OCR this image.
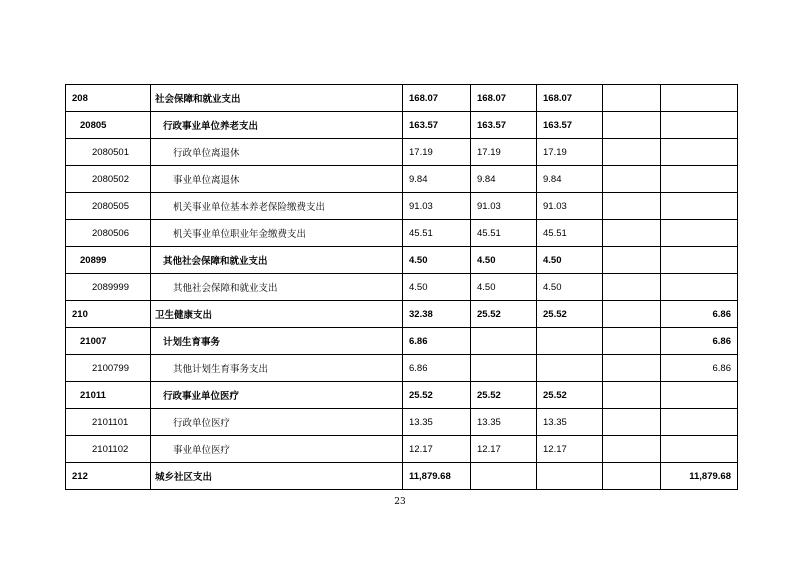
208	社会保障和就业支出	168.07	168.07	168.07		
20805	行政事业单位养老支出	163.57	163.57	163.57		
2080501	行政单位离退休	17.19	17.19	17.19		
2080502	事业单位离退休	9.84	9.84	9.84		
2080505	机关事业单位基本养老保险缴费支出	91.03	91.03	91.03		
2080506	机关事业单位职业年金缴费支出	45.51	45.51	45.51		
20899	其他社会保障和就业支出	4.50	4.50	4.50		
2089999	其他社会保障和就业支出	4.50	4.50	4.50		
210	卫生健康支出	32.38	25.52	25.52		6.86
21007	计划生育事务	6.86				6.86
2100799	其他计划生育事务支出	6.86				6.86
21011	行政事业单位医疗	25.52	25.52	25.52		
2101101	行政单位医疗	13.35	13.35	13.35		
2101102	事业单位医疗	12.17	12.17	12.17		
212	城乡社区支出	11,879.68				11,879.68
23
